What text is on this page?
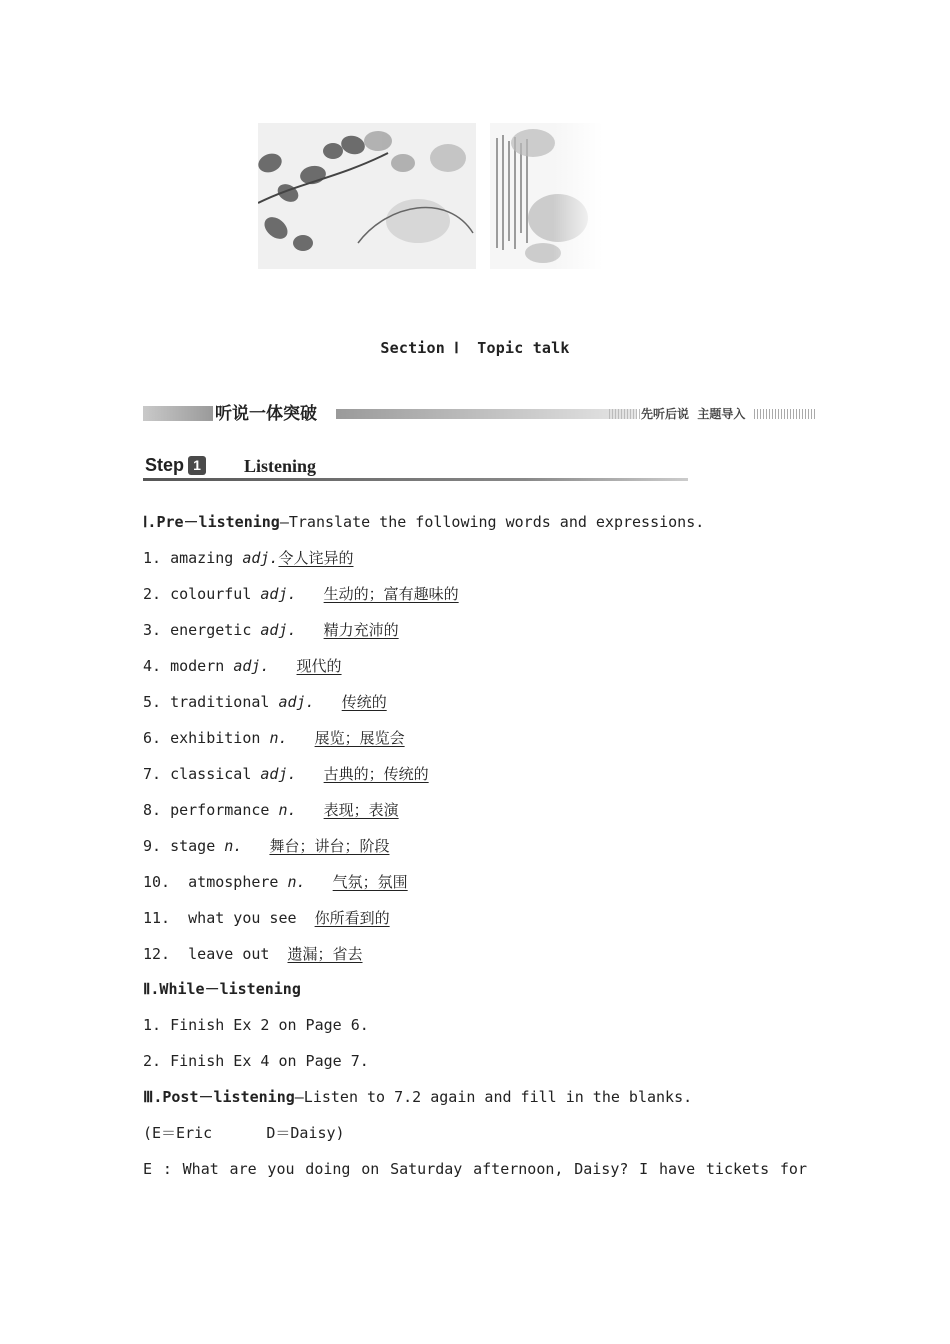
Section Ⅰ  Topic talk
听说一体突破	先听后说  主题导入
Step 1 Listening
Ⅰ.Pre－listening—Translate the following words and expressions.
1. amazing adj.令人诧异的
2. colourful adj. 生动的；富有趣味的
3. energetic adj. 精力充沛的
4. modern adj. 现代的
5. traditional adj. 传统的
6. exhibition n. 展览；展览会
7. classical adj. 古典的；传统的
8. performance n. 表现；表演
9. stage n. 舞台；讲台；阶段
10. atmosphere n. 气氛；氛围
11. what you see 你所看到的
12. leave out 遗漏；省去
Ⅱ.While－listening
1. Finish Ex 2 on Page 6.
2. Finish Ex 4 on Page 7.
Ⅲ.Post－listening—Listen to 7.2 again and fill in the blanks.
(E＝Eric      D＝Daisy)
E : What are you doing on Saturday afternoon, Daisy? I have tickets for
